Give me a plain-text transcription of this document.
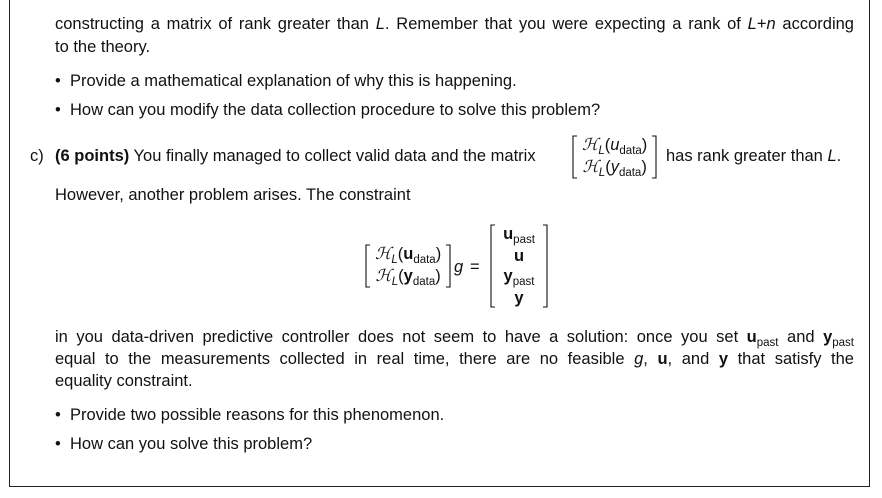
constructing a matrix of rank greater than L. Remember that you were expecting a rank of L+n according
to the theory.
• Provide a mathematical explanation of why this is happening.
• How can you modify the data collection procedure to solve this problem?
c) (6 points) You finally managed to collect valid data and the matrix
$ℋ_L(u_{data})$
$ℋ_L(y_{data})$
has rank greater than L.
However, another problem arises. The constraint
$ℋ_L(u_{data})$
$ℋ_L(y_{data}) g$ =
$u_{past}$
u
$y_{past}$
y
in you data-driven predictive controller does not seem to have a solution: once you set $u_{past}$ and $y_{past}$
equal to the measurements collected in real time, there are no feasible g, u, and y that satisfy the
equality constraint.
• Provide two possible reasons for this phenomenon.
• How can you solve this problem?
